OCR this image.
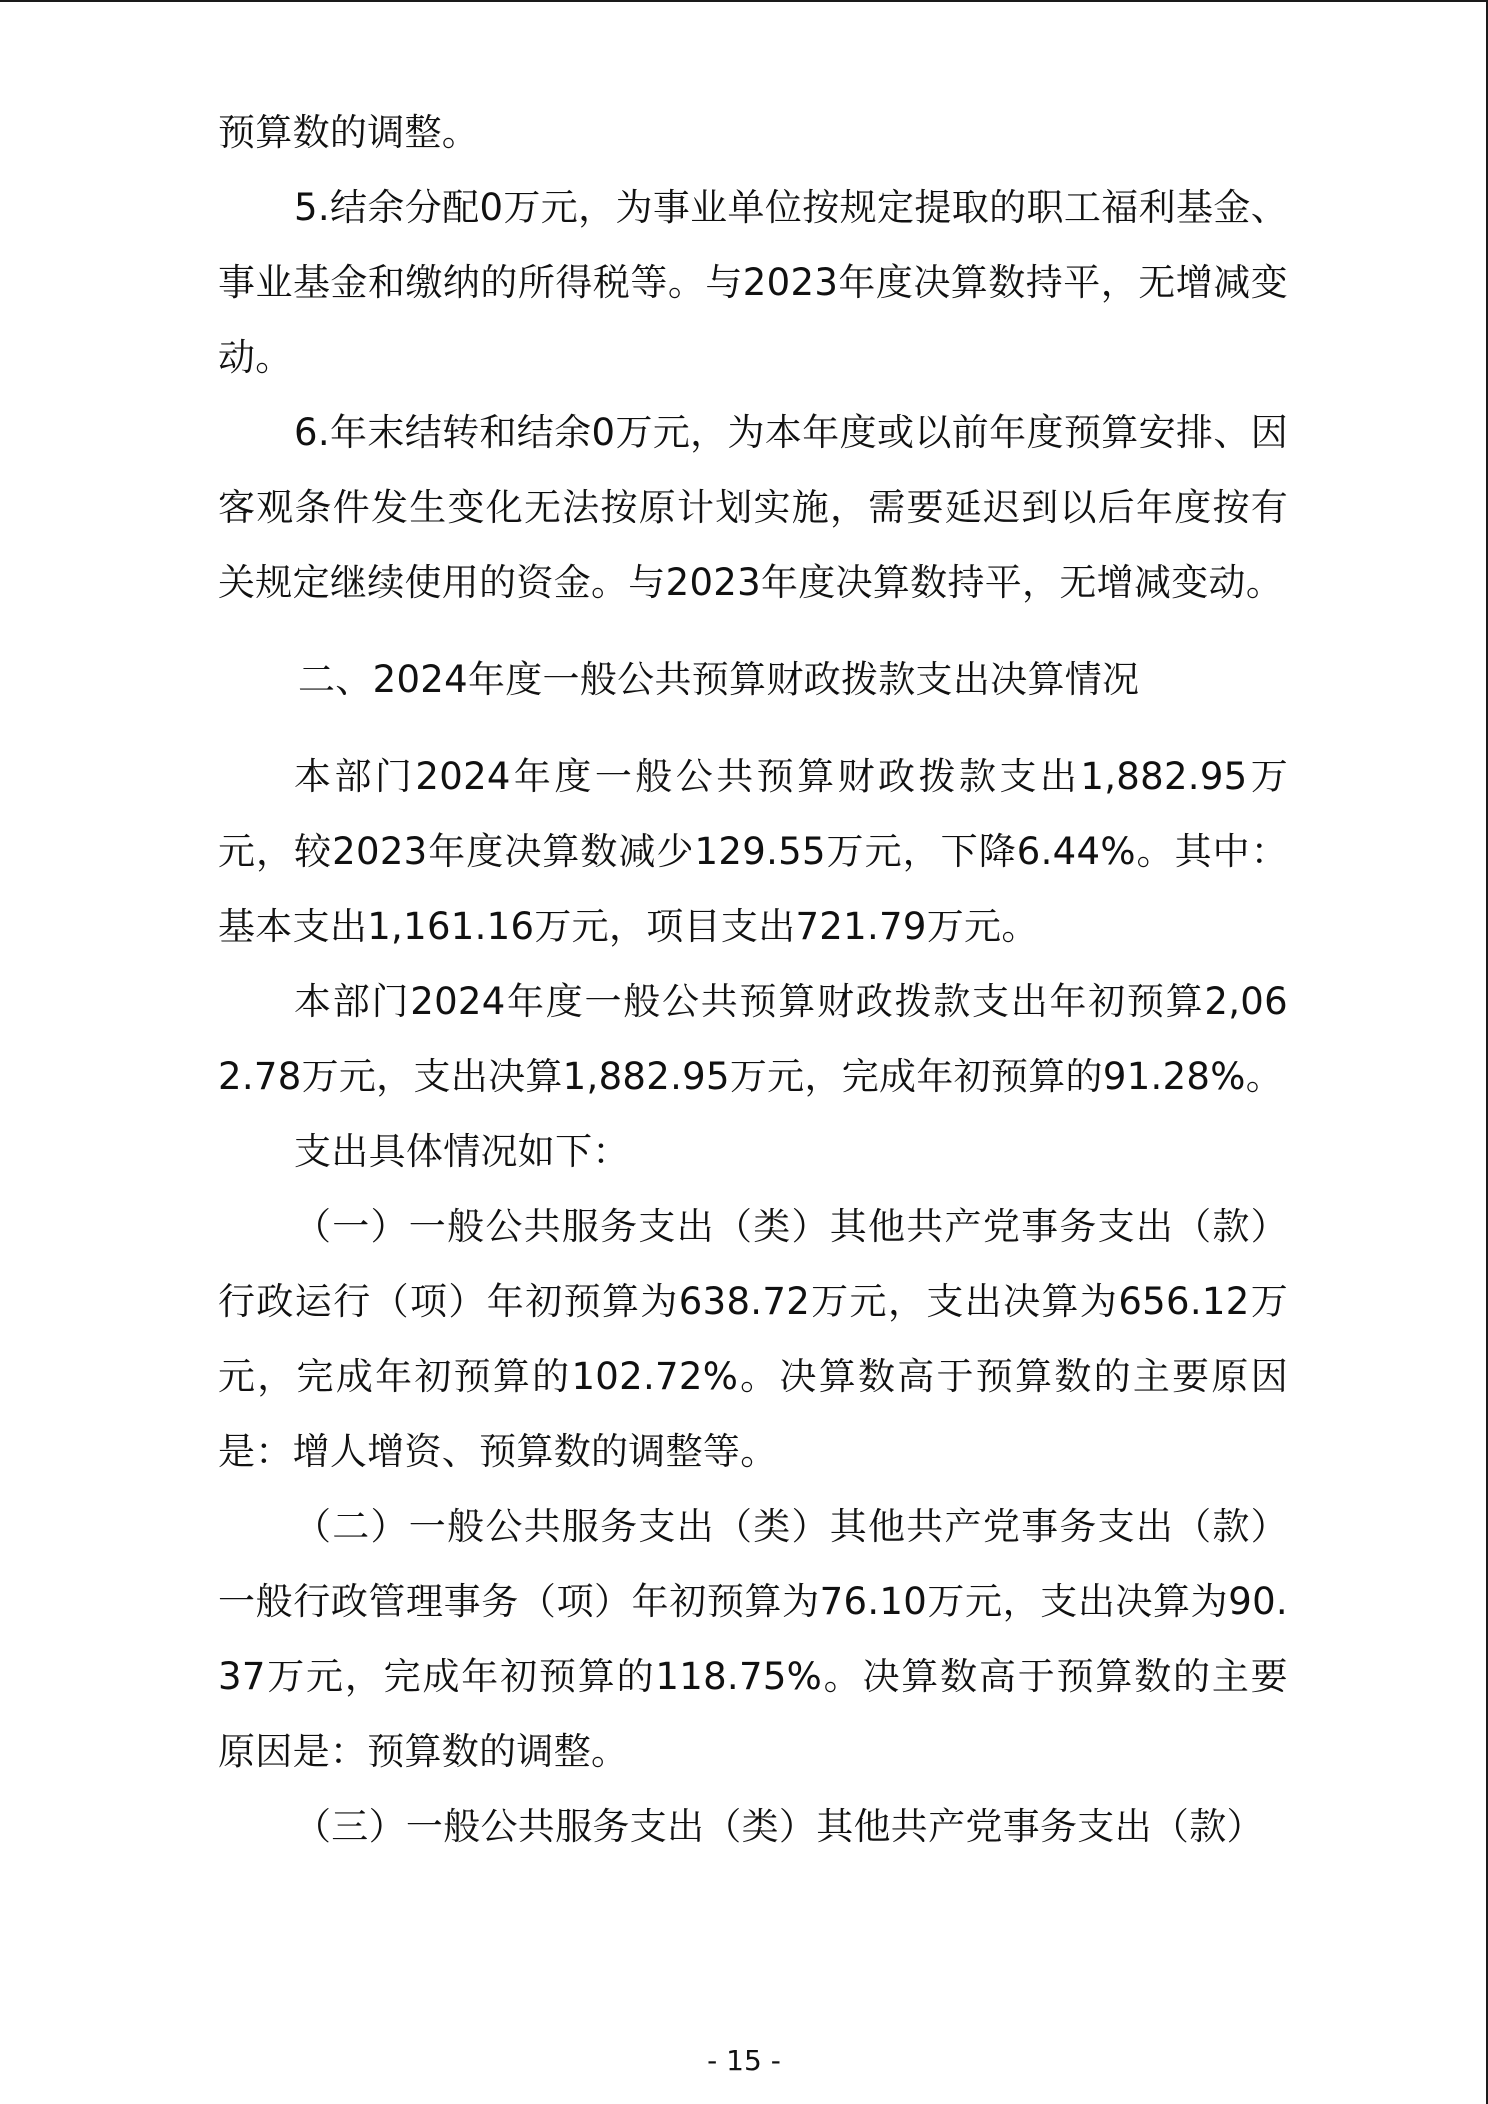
预算数的调整。

5.结余分配0万元，为事业单位按规定提取的职工福利基金、事业基金和缴纳的所得税等。与2023年度决算数持平，无增减变动。

6.年末结转和结余0万元，为本年度或以前年度预算安排、因客观条件发生变化无法按原计划实施，需要延迟到以后年度按有关规定继续使用的资金。与2023年度决算数持平，无增减变动。

二、2024年度一般公共预算财政拨款支出决算情况

本部门2024年度一般公共预算财政拨款支出1,882.95万元，较2023年度决算数减少129.55万元，下降6.44%。其中：基本支出1,161.16万元，项目支出721.79万元。

本部门2024年度一般公共预算财政拨款支出年初预算2,062.78万元，支出决算1,882.95万元，完成年初预算的91.28%。

支出具体情况如下：

（一）一般公共服务支出（类）其他共产党事务支出（款）行政运行（项）年初预算为638.72万元，支出决算为656.12万元，完成年初预算的102.72%。决算数高于预算数的主要原因是：增人增资、预算数的调整等。

（二）一般公共服务支出（类）其他共产党事务支出（款）一般行政管理事务（项）年初预算为76.10万元，支出决算为90.37万元，完成年初预算的118.75%。决算数高于预算数的主要原因是：预算数的调整。

（三）一般公共服务支出（类）其他共产党事务支出（款）

- 15 -
